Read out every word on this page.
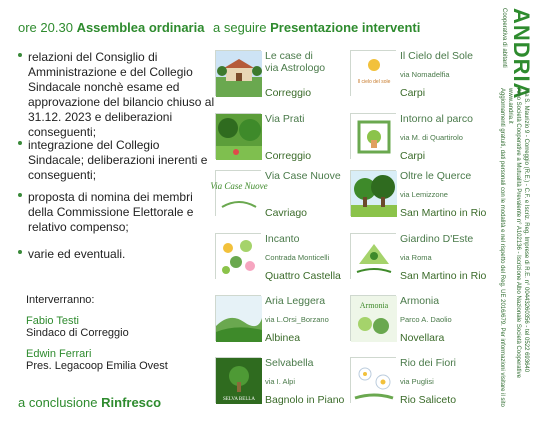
ore 20.30 Assemblea ordinaria
relazioni del Consiglio di Amministrazione e del Collegio Sindacale nonchè esame ed approvazione del bilancio chiuso al 31.12. 2023 e deliberazioni conseguenti;
integrazione del Collegio Sindacale; deliberazioni inerenti e conseguenti;
proposta di nomina dei membri della Commissione Elettorale e relativo compenso;
varie ed eventuali.
Interverranno:
Fabio Testi
Sindaco di Correggio
Edwin Ferrari
Pres. Legacoop Emilia Ovest
a conclusione Rinfresco
a seguire Presentazione interventi
Le case di
via Astrologo
Correggio
Il cielo del sole
Il Cielo del Sole
via Nomadelfia
Carpi
Via Prati
Correggio
Intorno al parco
via M. di Quartirolo
Carpi
Via Case Nuove
Via Case Nuove
Cavriago
Oltre le Querce
via Lemizzone
San Martino in Rio
Incanto
Contrada Monticelli
Quattro Castella
Giardino D'Este
via Roma
San Martino in Rio
Aria Leggera
via L.Orsi_Borzano
Albinea
Armonia Armonia
Parco A. Daolio
Novellara
SELVA BELLA
Selvabella
via I. Alpi
Bagnolo in Piano
Rio dei Fiori
via Puglisi
Rio Saliceto
ANDRIA
Cooperativa di abitanti
Via S. Maurizio 9 - Correggio (R.E.) - C.F. e Iscriz. Reg. Imprese di R.E. n° 00443260356 - tel 0522 693640
Albo Società Cooperative a Mutualità Prevalente n° A102136 - Iscrizione Albo Nazionale Società Cooperative
www.andria.it
Aggiornamenti gratuiti, dati personali con le modalità e nel rispetto del Reg. UE 2016/679. Per informazioni visitare il sito
